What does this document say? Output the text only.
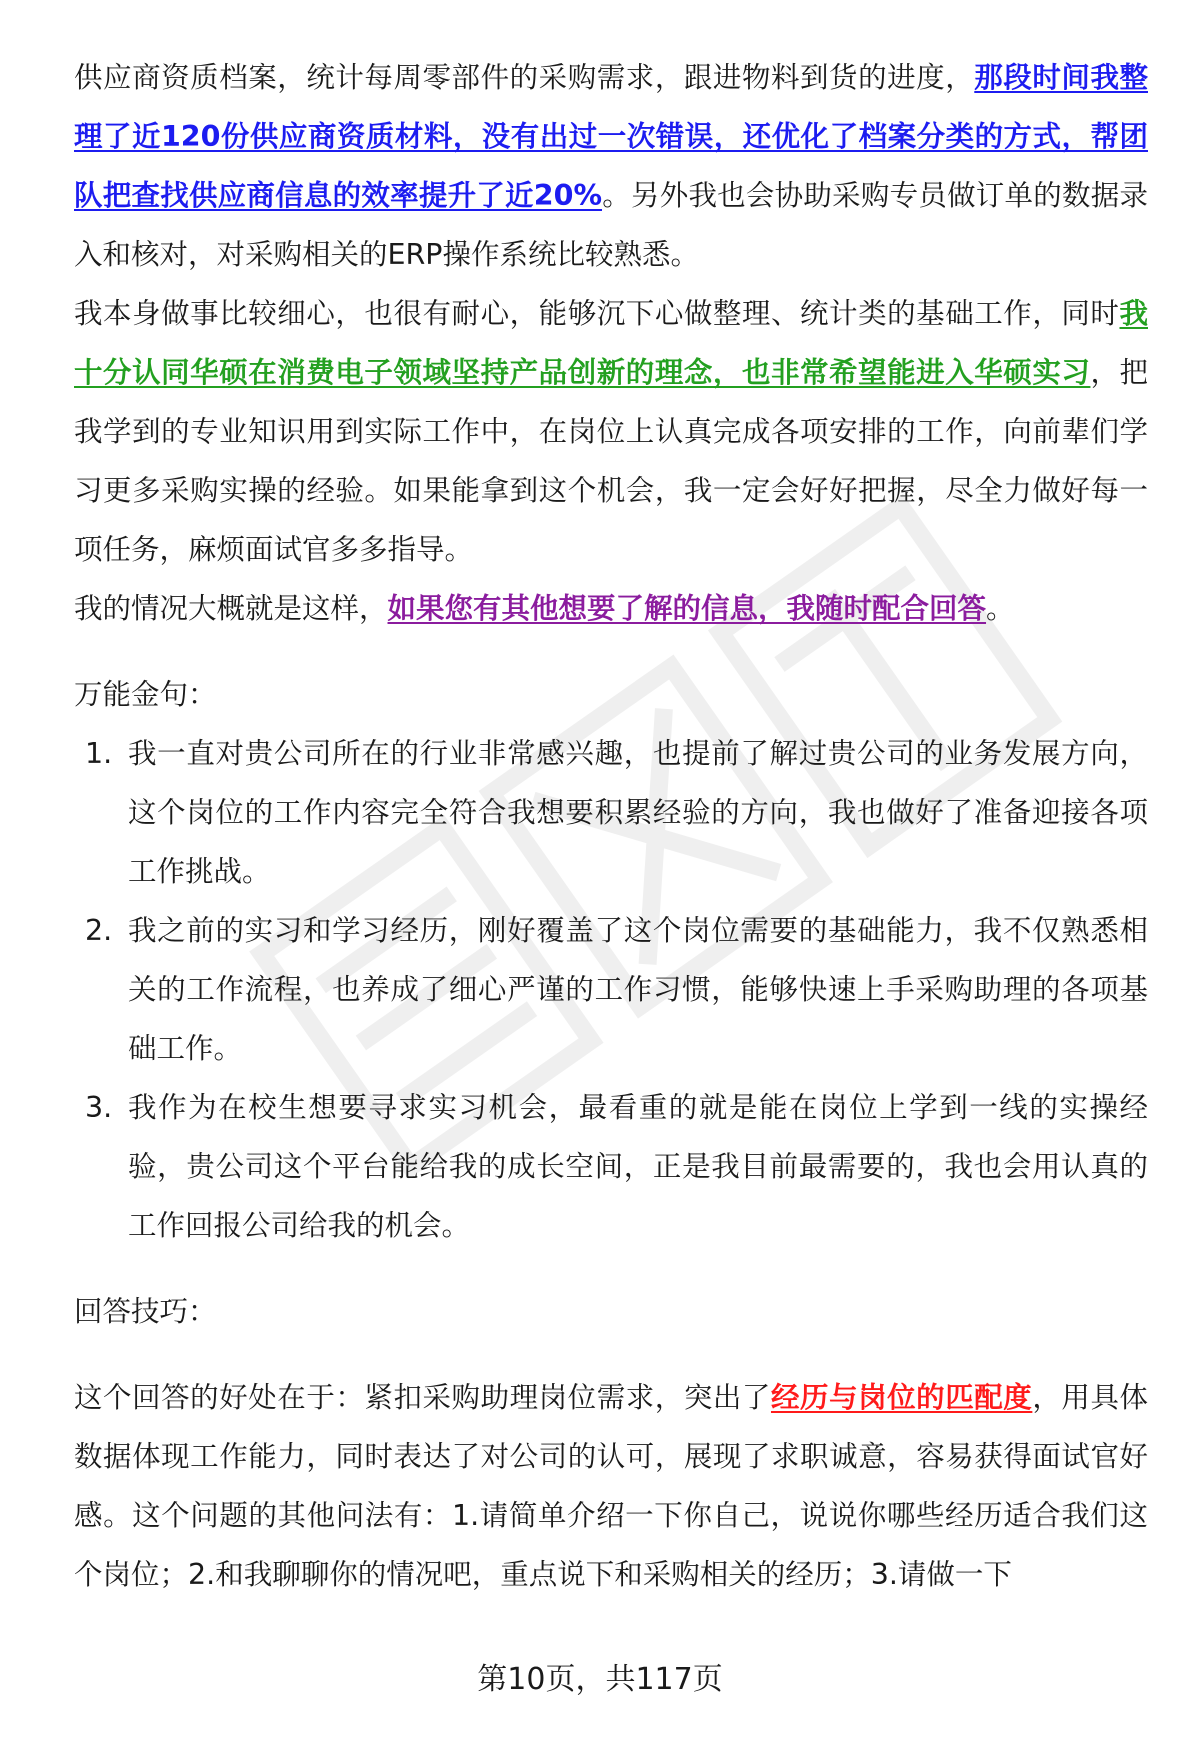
供应商资质档案，统计每周零部件的采购需求，跟进物料到货的进度，那段时间我整理了近120份供应商资质材料，没有出过一次错误，还优化了档案分类的方式，帮团队把查找供应商信息的效率提升了近20%。另外我也会协助采购专员做订单的数据录入和核对，对采购相关的ERP操作系统比较熟悉。

我本身做事比较细心，也很有耐心，能够沉下心做整理、统计类的基础工作，同时我十分认同华硕在消费电子领域坚持产品创新的理念，也非常希望能进入华硕实习，把我学到的专业知识用到实际工作中，在岗位上认真完成各项安排的工作，向前辈们学习更多采购实操的经验。如果能拿到这个机会，我一定会好好把握，尽全力做好每一项任务，麻烦面试官多多指导。

我的情况大概就是这样，如果您有其他想要了解的信息，我随时配合回答。

万能金句：

1. 我一直对贵公司所在的行业非常感兴趣，也提前了解过贵公司的业务发展方向，这个岗位的工作内容完全符合我想要积累经验的方向，我也做好了准备迎接各项工作挑战。
2. 我之前的实习和学习经历，刚好覆盖了这个岗位需要的基础能力，我不仅熟悉相关的工作流程，也养成了细心严谨的工作习惯，能够快速上手采购助理的各项基础工作。
3. 我作为在校生想要寻求实习机会，最看重的就是能在岗位上学到一线的实操经验，贵公司这个平台能给我的成长空间，正是我目前最需要的，我也会用认真的工作回报公司给我的机会。

回答技巧：

这个回答的好处在于：紧扣采购助理岗位需求，突出了经历与岗位的匹配度，用具体数据体现工作能力，同时表达了对公司的认可，展现了求职诚意，容易获得面试官好感。这个问题的其他问法有：1.请简单介绍一下你自己，说说你哪些经历适合我们这个岗位；2.和我聊聊你的情况吧，重点说下和采购相关的经历；3.请做一下

第10页，共117页
